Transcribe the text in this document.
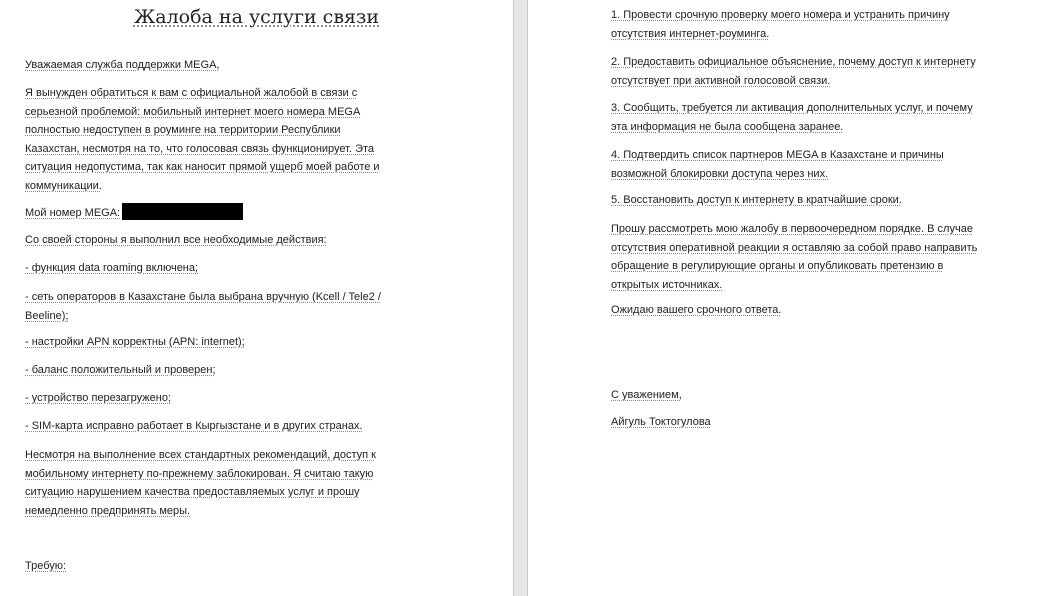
Жалоба на услуги связи
Уважаемая служба поддержки MEGA,
Я вынужден обратиться к вам с официальной жалобой в связи с
серьезной проблемой: мобильный интернет моего номера MEGA
полностью недоступен в роуминге на территории Республики
Казахстан, несмотря на то, что голосовая связь функционирует. Эта
ситуация недопустима, так как наносит прямой ущерб моей работе и
коммуникации.
Мой номер MEGA:
Со своей стороны я выполнил все необходимые действия:
- функция data roaming включена;
- сеть операторов в Казахстане была выбрана вручную (Kcell / Tele2 /
Beeline);
- настройки APN корректны (APN: internet);
- баланс положительный и проверен;
- устройство перезагружено;
- SIM-карта исправно работает в Кыргызстане и в других странах.
Несмотря на выполнение всех стандартных рекомендаций, доступ к
мобильному интернету по-прежнему заблокирован. Я считаю такую
ситуацию нарушением качества предоставляемых услуг и прошу
немедленно предпринять меры.
Требую:
1. Провести срочную проверку моего номера и устранить причину
отсутствия интернет-роуминга.
2. Предоставить официальное объяснение, почему доступ к интернету
отсутствует при активной голосовой связи.
3. Сообщить, требуется ли активация дополнительных услуг, и почему
эта информация не была сообщена заранее.
4. Подтвердить список партнеров MEGA в Казахстане и причины
возможной блокировки доступа через них.
5. Восстановить доступ к интернету в кратчайшие сроки.
Прошу рассмотреть мою жалобу в первоочередном порядке. В случае
отсутствия оперативной реакции я оставляю за собой право направить
обращение в регулирующие органы и опубликовать претензию в
открытых источниках.
Ожидаю вашего срочного ответа.
С уважением,
Айгуль Токтогулова
